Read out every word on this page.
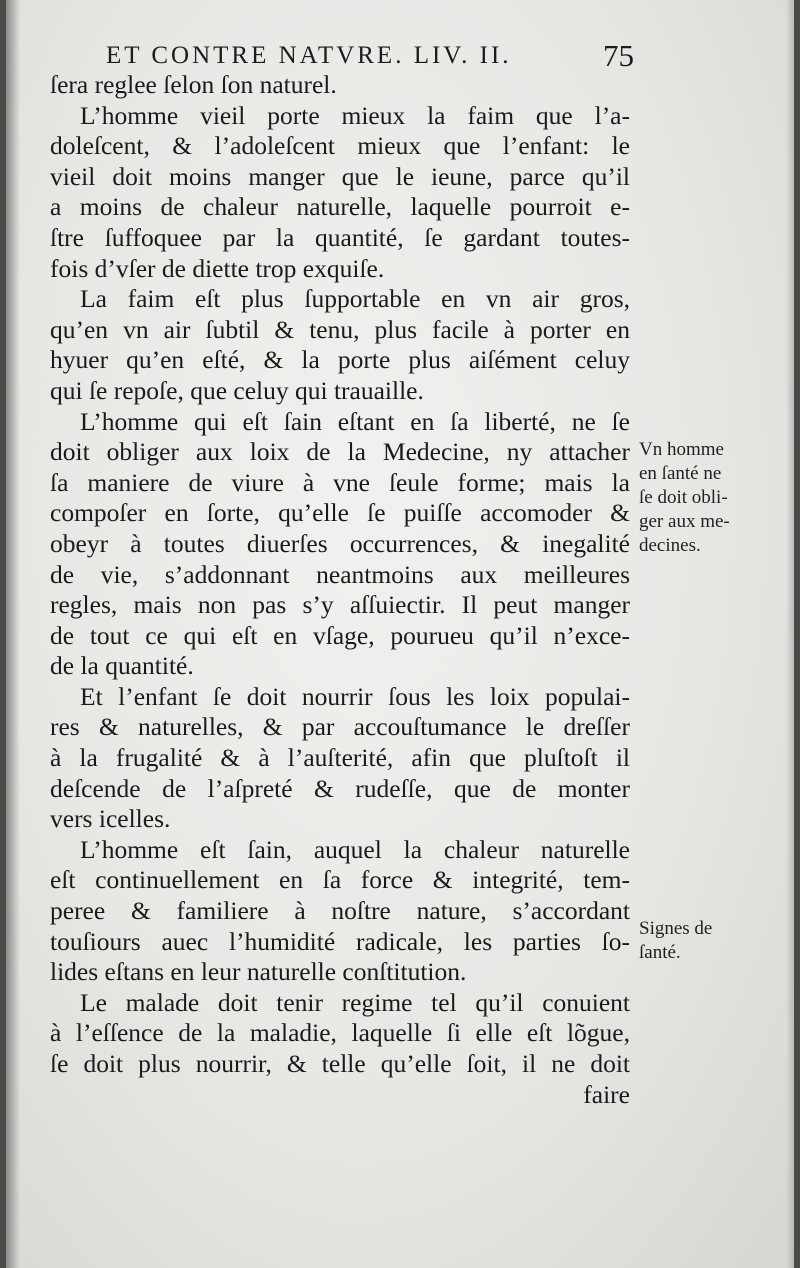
ET CONTRE NATVRE. LIV. II.	75
ſera reglee ſelon ſon naturel.
L’homme vieil porte mieux la faim que l’a-
doleſcent, & l’adoleſcent mieux que l’enfant: le
vieil doit moins manger que le ieune, parce qu’il
a moins de chaleur naturelle, laquelle pourroit e-
ſtre ſuffoquee par la quantité, ſe gardant toutes-
fois d’vſer de diette trop exquiſe.
La faim eſt plus ſupportable en vn air gros,
qu’en vn air ſubtil & tenu, plus facile à porter en
hyuer qu’en eſté, & la porte plus aiſément celuy
qui ſe repoſe, que celuy qui trauaille.
L’homme qui eſt ſain eſtant en ſa liberté, ne ſe
doit obliger aux loix de la Medecine, ny attacher
ſa maniere de viure à vne ſeule forme; mais la
compoſer en ſorte, qu’elle ſe puiſſe accomoder &
obeyr à toutes diuerſes occurrences, & inegalité
de vie, s’addonnant neantmoins aux meilleures
regles, mais non pas s’y aſſuiectir. Il peut manger
de tout ce qui eſt en vſage, pourueu qu’il n’exce-
de la quantité.
Et l’enfant ſe doit nourrir ſous les loix populai-
res & naturelles, & par accouſtumance le dreſſer
à la frugalité & à l’auſterité, afin que pluſtoſt il
deſcende de l’aſpreté & rudeſſe, que de monter
vers icelles.
L’homme eſt ſain, auquel la chaleur naturelle
eſt continuellement en ſa force & integrité, tem-
peree & familiere à noſtre nature, s’accordant
touſiours auec l’humidité radicale, les parties ſo-
lides eſtans en leur naturelle conſtitution.
Le malade doit tenir regime tel qu’il conuient
à l’eſſence de la maladie, laquelle ſi elle eſt lõgue,
ſe doit plus nourrir, & telle qu’elle ſoit, il ne doit
faire
Vn homme
en ſanté ne
ſe doit obli-
ger aux me-
decines.
Signes de
ſanté.
